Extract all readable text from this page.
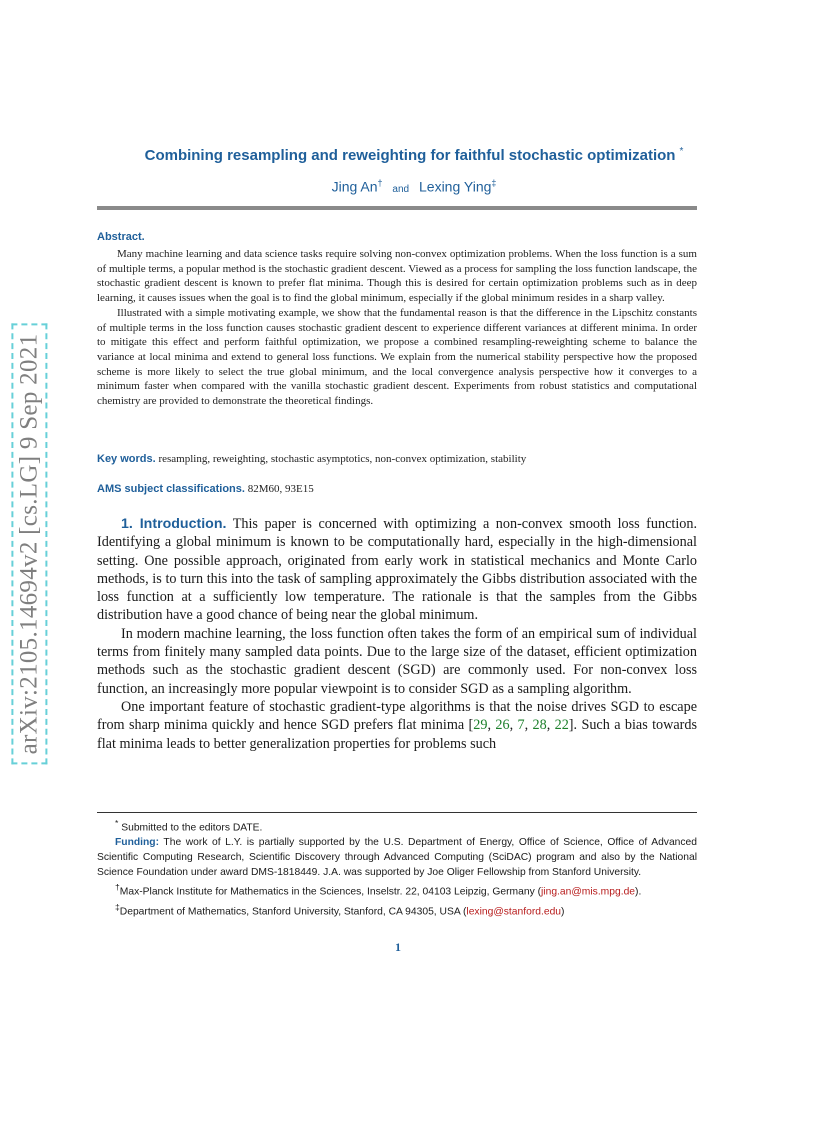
arXiv:2105.14694v2 [cs.LG] 9 Sep 2021
Combining resampling and reweighting for faithful stochastic optimization *
Jing An† and Lexing Ying‡
Abstract.

Many machine learning and data science tasks require solving non-convex optimization problems. When the loss function is a sum of multiple terms, a popular method is the stochastic gradient descent. Viewed as a process for sampling the loss function landscape, the stochastic gradient descent is known to prefer flat minima. Though this is desired for certain optimization problems such as in deep learning, it causes issues when the goal is to find the global minimum, especially if the global minimum resides in a sharp valley.

Illustrated with a simple motivating example, we show that the fundamental reason is that the difference in the Lipschitz constants of multiple terms in the loss function causes stochastic gradient descent to experience different variances at different minima. In order to mitigate this effect and perform faithful optimization, we propose a combined resampling-reweighting scheme to balance the variance at local minima and extend to general loss functions. We explain from the numerical stability perspective how the proposed scheme is more likely to select the true global minimum, and the local convergence analysis perspective how it converges to a minimum faster when compared with the vanilla stochastic gradient descent. Experiments from robust statistics and computational chemistry are provided to demonstrate the theoretical findings.

Key words. resampling, reweighting, stochastic asymptotics, non-convex optimization, stability
AMS subject classifications. 82M60, 93E15

1. Introduction. This paper is concerned with optimizing a non-convex smooth loss function. Identifying a global minimum is known to be computationally hard, especially in the high-dimensional setting. One possible approach, originated from early work in statistical mechanics and Monte Carlo methods, is to turn this into the task of sampling approximately the Gibbs distribution associated with the loss function at a sufficiently low temperature. The rationale is that the samples from the Gibbs distribution have a good chance of being near the global minimum.

In modern machine learning, the loss function often takes the form of an empirical sum of individual terms from finitely many sampled data points. Due to the large size of the dataset, efficient optimization methods such as the stochastic gradient descent (SGD) are commonly used. For non-convex loss function, an increasingly more popular viewpoint is to consider SGD as a sampling algorithm.

One important feature of stochastic gradient-type algorithms is that the noise drives SGD to escape from sharp minima quickly and hence SGD prefers flat minima [29, 26, 7, 28, 22]. Such a bias towards flat minima leads to better generalization properties for problems such

* Submitted to the editors DATE.

Funding: The work of L.Y. is partially supported by the U.S. Department of Energy, Office of Science, Office of Advanced Scientific Computing Research, Scientific Discovery through Advanced Computing (SciDAC) program and also by the National Science Foundation under award DMS-1818449. J.A. was supported by Joe Oliger Fellowship from Stanford University.

†Max-Planck Institute for Mathematics in the Sciences, Inselstr. 22, 04103 Leipzig, Germany (jing.an@mis.mpg.de).

‡Department of Mathematics, Stanford University, Stanford, CA 94305, USA (lexing@stanford.edu)

1
